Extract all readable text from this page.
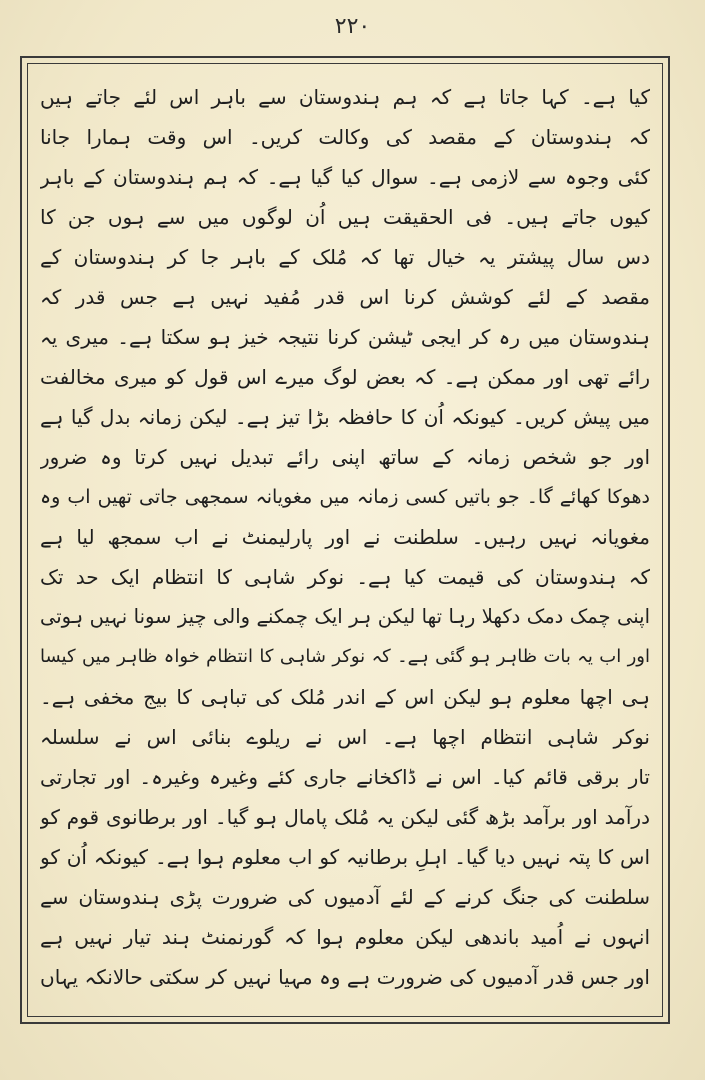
۲۲۰
کیا ہے۔ کہا جاتا ہے کہ ہم ہندوستان سے باہر اس لئے جاتے ہیں
کہ ہندوستان کے مقصد کی وکالت کریں۔ اس وقت ہمارا جانا
کئی وجوہ سے لازمی ہے۔ سوال کیا گیا ہے۔ کہ ہم ہندوستان کے باہر
کیوں جاتے ہیں۔ فی الحقیقت ہیں اُن لوگوں میں سے ہوں جن کا
دس سال پیشتر یہ خیال تھا کہ مُلک کے باہر جا کر ہندوستان کے
مقصد کے لئے کوشش کرنا اس قدر مُفید نہیں ہے جس قدر کہ
ہندوستان میں رہ کر ایجی ٹیشن کرنا نتیجہ خیز ہو سکتا ہے۔ میری یہ
رائے تھی اور ممکن ہے۔ کہ بعض لوگ میرے اس قول کو میری مخالفت
میں پیش کریں۔ کیونکہ اُن کا حافظہ بڑا تیز ہے۔ لیکن زمانہ بدل گیا ہے
اور جو شخص زمانہ کے ساتھ اپنی رائے تبدیل نہیں کرتا وہ ضرور
دھوکا کھائے گا۔ جو باتیں کسی زمانہ میں مغویانہ سمجھی جاتی تھیں اب وہ
مغویانہ نہیں رہیں۔ سلطنت نے اور پارلیمنٹ نے اب سمجھ لیا ہے
کہ ہندوستان کی قیمت کیا ہے۔ نوکر شاہی کا انتظام ایک حد تک
اپنی چمک دمک دکھلا رہا تھا لیکن ہر ایک چمکنے والی چیز سونا نہیں ہوتی
اور اب یہ بات ظاہر ہو گئی ہے۔ کہ نوکر شاہی کا انتظام خواہ ظاہر میں کیسا
ہی اچھا معلوم ہو لیکن اس کے اندر مُلک کی تباہی کا بیج مخفی ہے۔
نوکر شاہی انتظام اچھا ہے۔ اس نے ریلوے بنائی اس نے سلسلہ
تار برقی قائم کیا۔ اس نے ڈاکخانے جاری کئے وغیرہ وغیرہ۔ اور تجارتی
درآمد اور برآمد بڑھ گئی لیکن یہ مُلک پامال ہو گیا۔ اور برطانوی قوم کو
اس کا پتہ نہیں دیا گیا۔ اہلِ برطانیہ کو اب معلوم ہوا ہے۔ کیونکہ اُن کو
سلطنت کی جنگ کرنے کے لئے آدمیوں کی ضرورت پڑی ہندوستان سے
انہوں نے اُمید باندھی لیکن معلوم ہوا کہ گورنمنٹ ہند تیار نہیں ہے
اور جس قدر آدمیوں کی ضرورت ہے وہ مہیا نہیں کر سکتی حالانکہ یہاں
